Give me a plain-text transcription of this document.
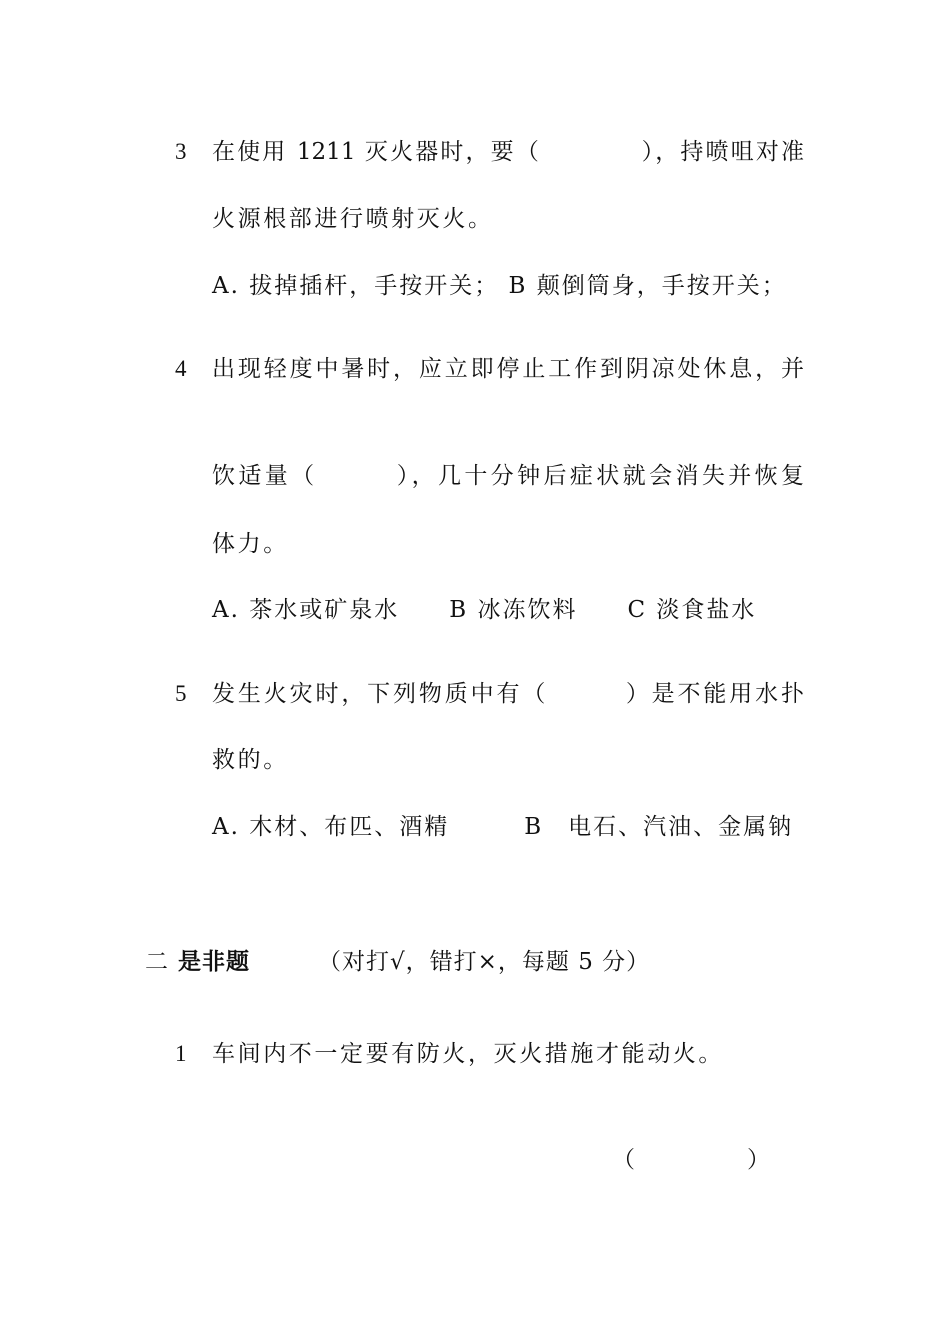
3 在使用 1211 灭火器时，要（　　　　），持喷咀对准
火源根部进行喷射灭火。
A. 拔掉插杆，手按开关； B 颠倒筒身，手按开关；
4 出现轻度中暑时，应立即停止工作到阴凉处休息，并
饮适量（　　　），几十分钟后症状就会消失并恢复
体力。
A. 茶水或矿泉水　　B 冰冻饮料　　C 淡食盐水
5 发生火灾时，下列物质中有（　　　）是不能用水扑
救的。
A. 木材、布匹、酒精　　　B　电石、汽油、金属钠
二 是非题	（对打√，错打×，每题 5 分）
1 车间内不一定要有防火，灭火措施才能动火。
（　　　　）
